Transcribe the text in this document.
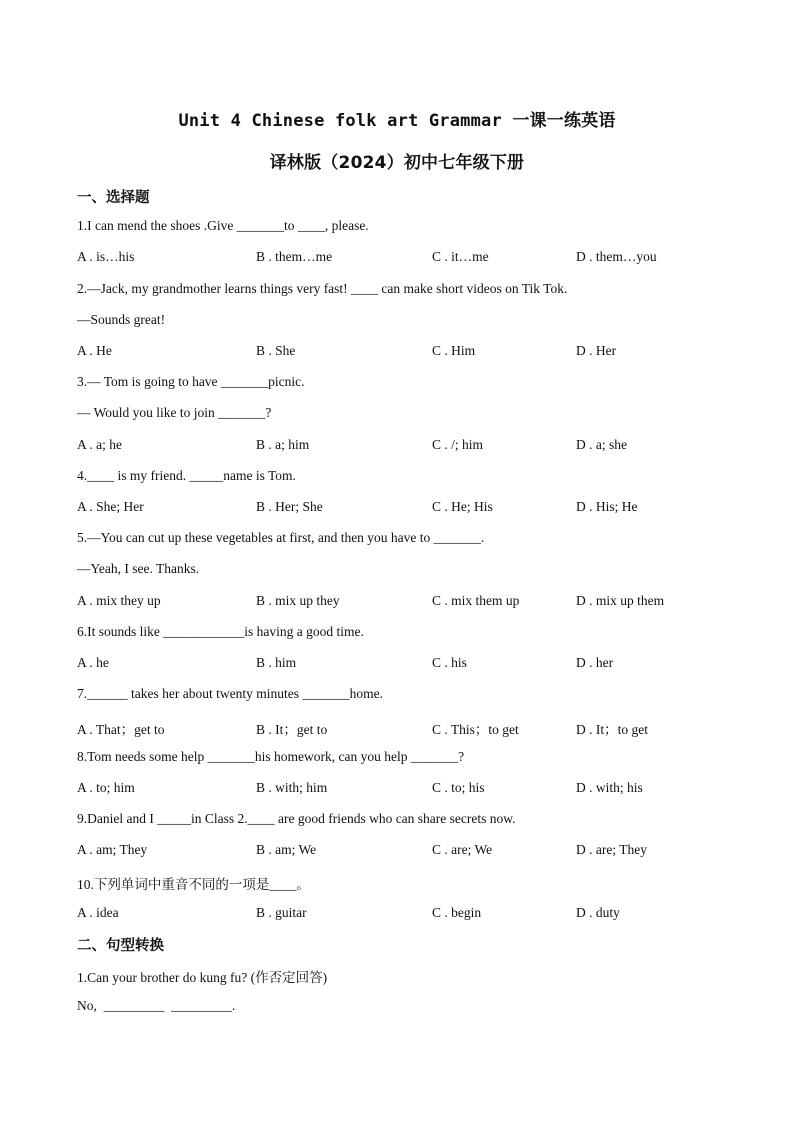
Unit 4 Chinese folk art Grammar 一课一练英语
译林版（2024）初中七年级下册
一、选择题
1.I can mend the shoes .Give _______to ____, please.
A . is…his	B . them…me	C . it…me	D . them…you
2.—Jack, my grandmother learns things very fast! ____ can make short videos on Tik Tok.
—Sounds great!
A . He	B . She	C . Him	D . Her
3.— Tom is going to have _______picnic.
— Would you like to join _______?
A . a; he	B . a; him	C . /; him	D . a; she
4.____ is my friend. _____name is Tom.
A . She; Her	B . Her; She	C . He; His	D . His; He
5.—You can cut up these vegetables at first, and then you have to _______.
—Yeah, I see. Thanks.
A . mix they up	B . mix up they	C . mix them up	D . mix up them
6.It sounds like ____________is having a good time.
A . he	B . him	C . his	D . her
7.______ takes her about twenty minutes _______home.
A . That；get to	B . It；get to	C . This；to get	D . It；to get
8.Tom needs some help _______his homework, can you help _______?
A . to; him	B . with; him	C . to; his	D . with; his
9.Daniel and I _____in Class 2.____ are good friends who can share secrets now.
A . am; They	B . am; We	C . are; We	D . are; They
10.下列单词中重音不同的一项是____。
A . idea	B . guitar	C . begin	D . duty
二、句型转换
1.Can your brother do kung fu? (作否定回答)
No,  _________  _________.
